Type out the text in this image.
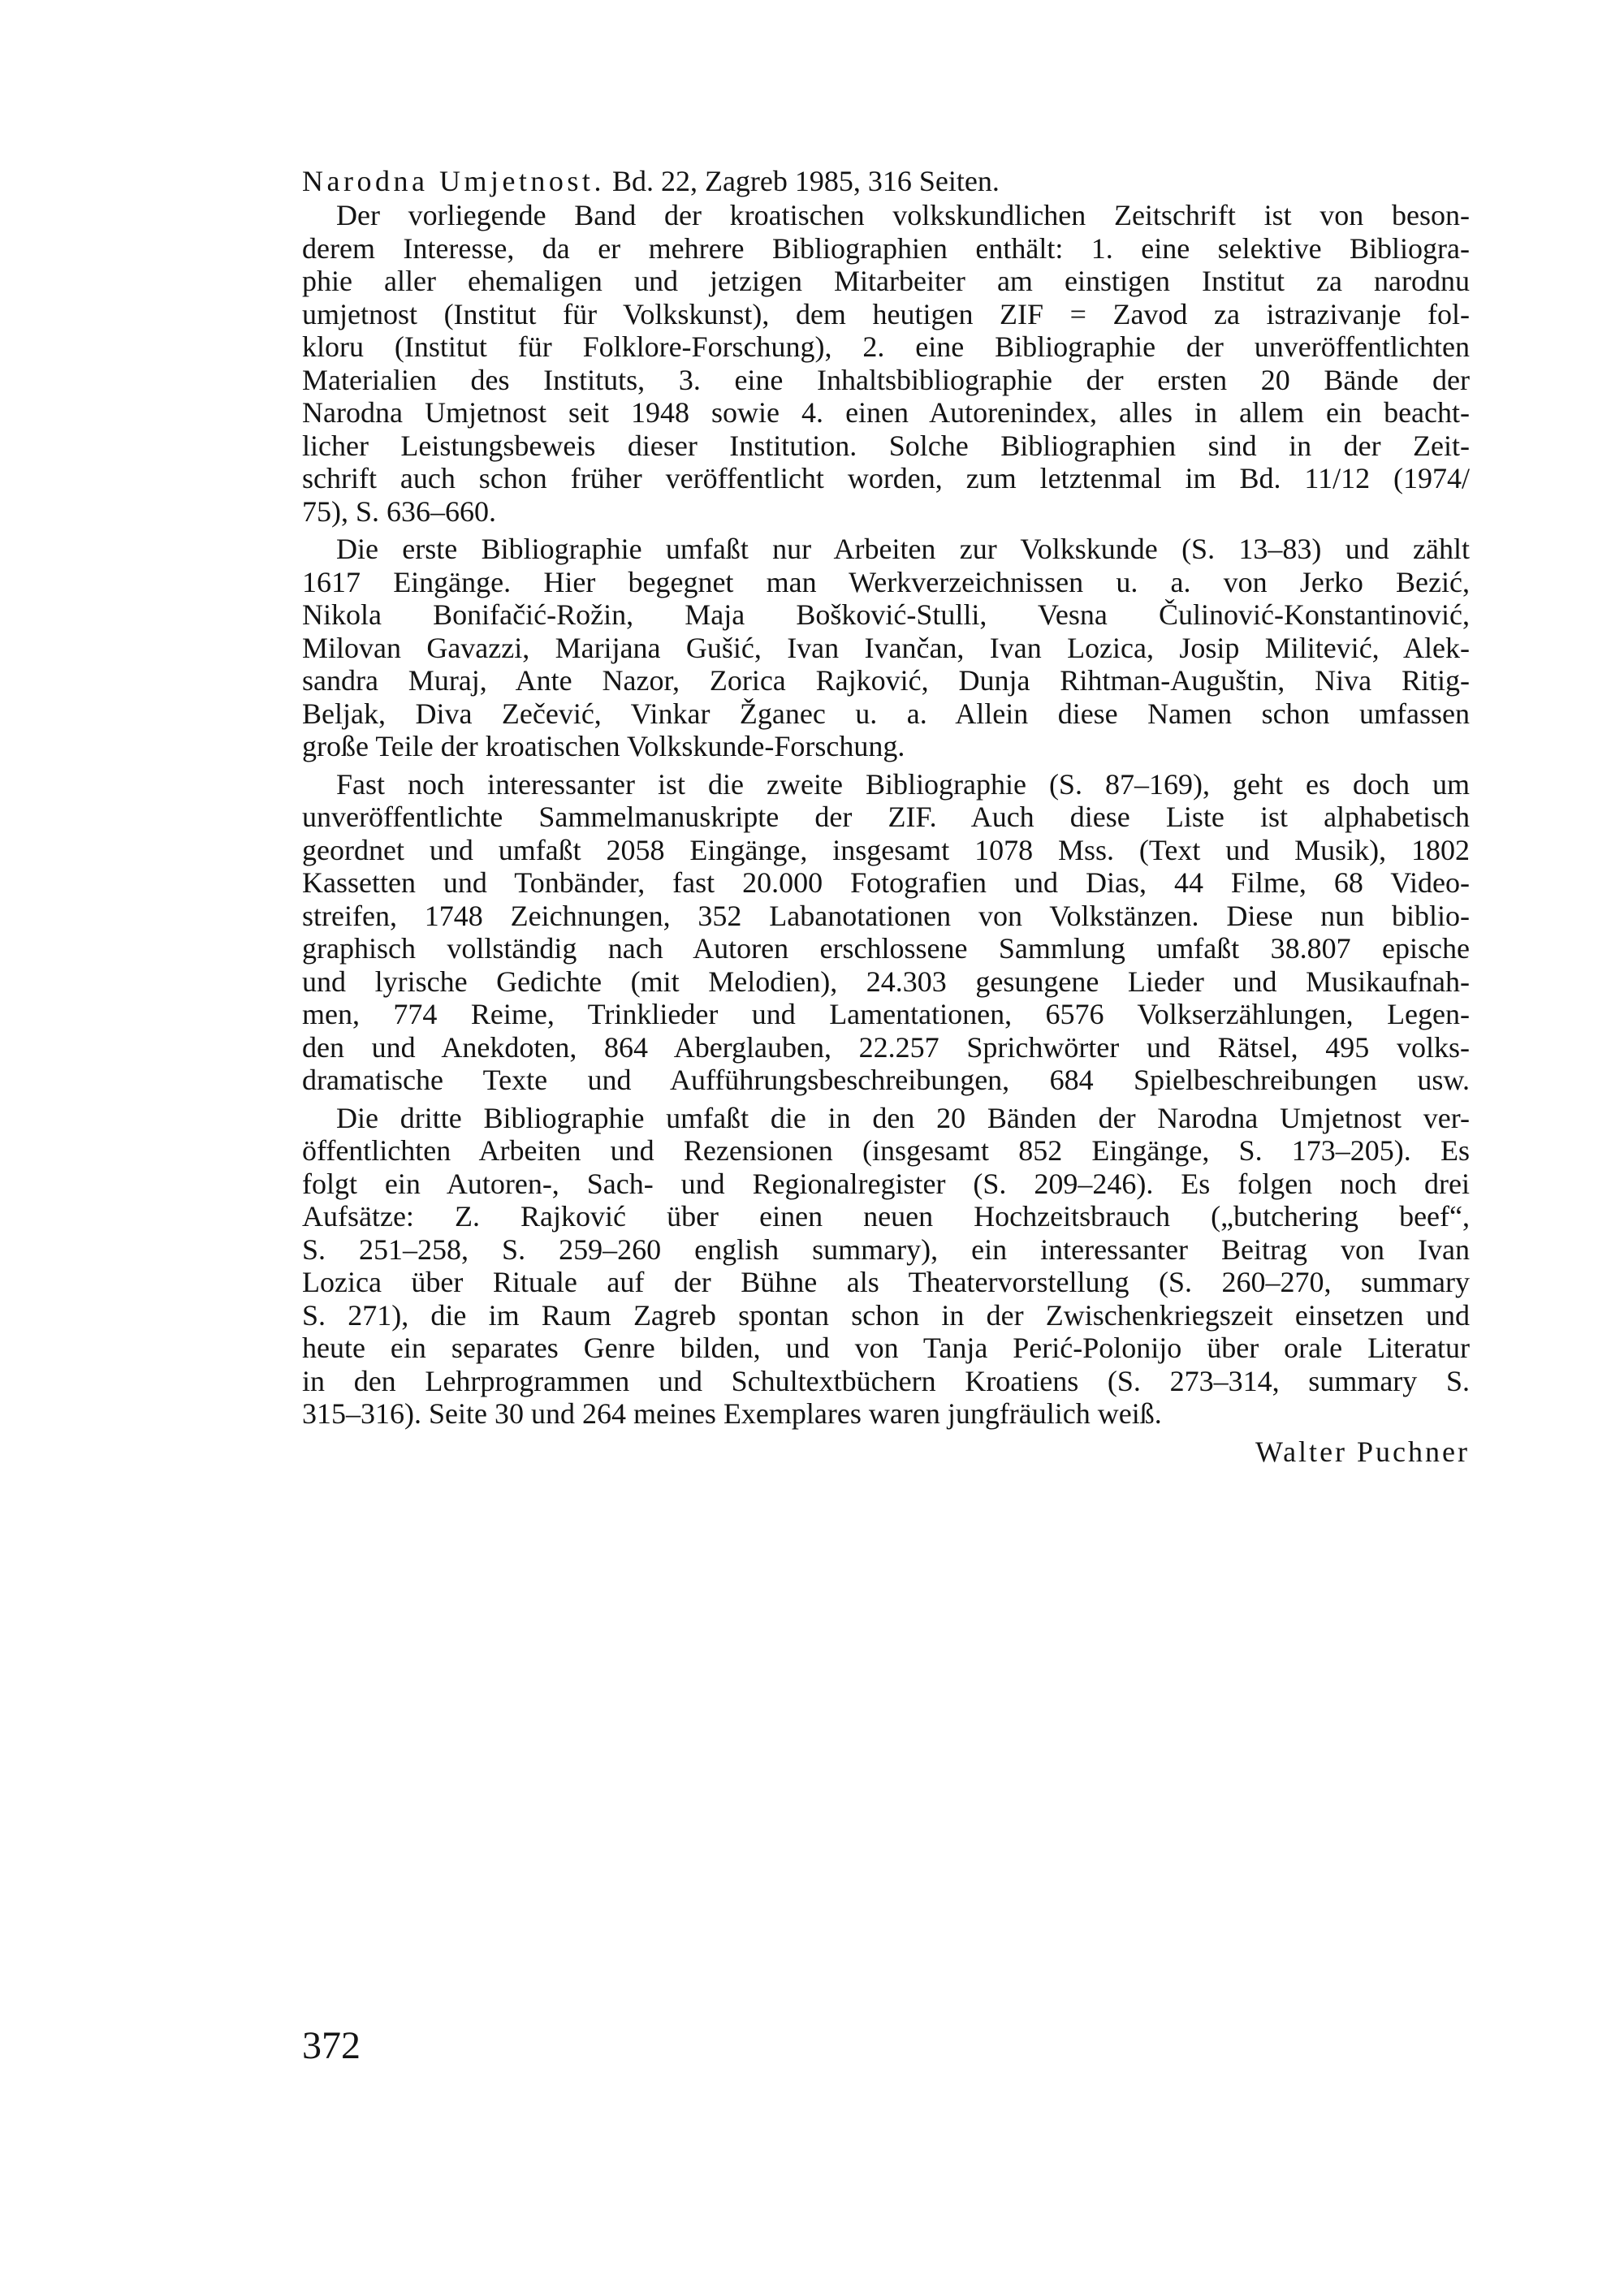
Narodna Umjetnost. Bd. 22, Zagreb 1985, 316 Seiten.
Der vorliegende Band der kroatischen volkskundlichen Zeitschrift ist von beson-
derem Interesse, da er mehrere Bibliographien enthält: 1. eine selektive Bibliogra-
phie aller ehemaligen und jetzigen Mitarbeiter am einstigen Institut za narodnu
umjetnost (Institut für Volkskunst), dem heutigen ZIF = Zavod za istrazivanje fol-
kloru (Institut für Folklore-Forschung), 2. eine Bibliographie der unveröffentlichten
Materialien des Instituts, 3. eine Inhaltsbibliographie der ersten 20 Bände der
Narodna Umjetnost seit 1948 sowie 4. einen Autorenindex, alles in allem ein beacht-
licher Leistungsbeweis dieser Institution. Solche Bibliographien sind in der Zeit-
schrift auch schon früher veröffentlicht worden, zum letztenmal im Bd. 11/12 (1974/
75), S. 636–660.
Die erste Bibliographie umfaßt nur Arbeiten zur Volkskunde (S. 13–83) und zählt
1617 Eingänge. Hier begegnet man Werkverzeichnissen u. a. von Jerko Bezić,
Nikola Bonifačić-Rožin, Maja Bošković-Stulli, Vesna Čulinović-Konstantinović,
Milovan Gavazzi, Marijana Gušić, Ivan Ivančan, Ivan Lozica, Josip Militević, Alek-
sandra Muraj, Ante Nazor, Zorica Rajković, Dunja Rihtman-Auguštin, Niva Ritig-
Beljak, Diva Zečević, Vinkar Žganec u. a. Allein diese Namen schon umfassen
große Teile der kroatischen Volkskunde-Forschung.
Fast noch interessanter ist die zweite Bibliographie (S. 87–169), geht es doch um
unveröffentlichte Sammelmanuskripte der ZIF. Auch diese Liste ist alphabetisch
geordnet und umfaßt 2058 Eingänge, insgesamt 1078 Mss. (Text und Musik), 1802
Kassetten und Tonbänder, fast 20.000 Fotografien und Dias, 44 Filme, 68 Video-
streifen, 1748 Zeichnungen, 352 Labanotationen von Volkstänzen. Diese nun biblio-
graphisch vollständig nach Autoren erschlossene Sammlung umfaßt 38.807 epische
und lyrische Gedichte (mit Melodien), 24.303 gesungene Lieder und Musikaufnah-
men, 774 Reime, Trinklieder und Lamentationen, 6576 Volkserzählungen, Legen-
den und Anekdoten, 864 Aberglauben, 22.257 Sprichwörter und Rätsel, 495 volks-
dramatische Texte und Aufführungsbeschreibungen, 684 Spielbeschreibungen usw.
Die dritte Bibliographie umfaßt die in den 20 Bänden der Narodna Umjetnost ver-
öffentlichten Arbeiten und Rezensionen (insgesamt 852 Eingänge, S. 173–205). Es
folgt ein Autoren-, Sach- und Regionalregister (S. 209–246). Es folgen noch drei
Aufsätze: Z. Rajković über einen neuen Hochzeitsbrauch („butchering beef“,
S. 251–258, S. 259–260 english summary), ein interessanter Beitrag von Ivan
Lozica über Rituale auf der Bühne als Theatervorstellung (S. 260–270, summary
S. 271), die im Raum Zagreb spontan schon in der Zwischenkriegszeit einsetzen und
heute ein separates Genre bilden, und von Tanja Perić-Polonijo über orale Literatur
in den Lehrprogrammen und Schultextbüchern Kroatiens (S. 273–314, summary S.
315–316). Seite 30 und 264 meines Exemplares waren jungfräulich weiß.
Walter Puchner
372
